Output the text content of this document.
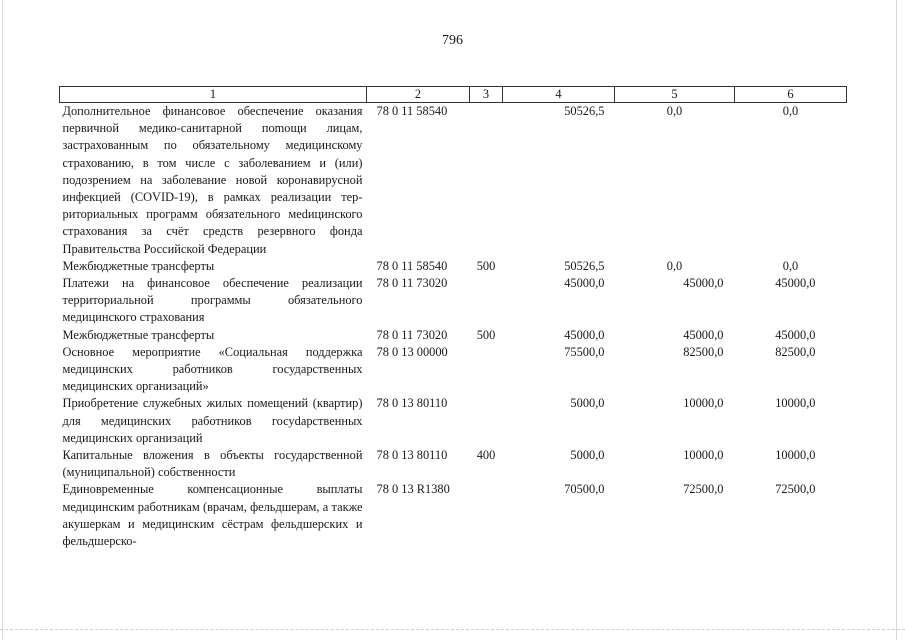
796
1	2	3	4	5	6
Дополнительное финансовое обеспечение оказания первичной медико-санитарной поmощи лицам, застрахованным по обязательному медицинскому страхованию, в том числе с заболеванием и (или) подозрением на заболевание новой коронавирусной инфекцией (COVID-19), в рамках реализации территориальных программ обязательного меdицинского страхования за счёт средств резервного фонда Правительства Российской Федерации	78 0 11 58540		50526,5	0,0	0,0
Межбюджетные трансферты	78 0 11 58540	500	50526,5	0,0	0,0
Платежи на финансовое обеспечение реализации территориальной программы обязательного медицинского страхования	78 0 11 73020		45000,0	45000,0	45000,0
Межбюджетные трансферты	78 0 11 73020	500	45000,0	45000,0	45000,0
Основное мероприятие «Социальная поддержка медицинских работников государственных медицинских организаций»	78 0 13 00000		75500,0	82500,0	82500,0
Приобретение служебных жилых помещений (квартир) для медицинских работников госуdарственных медицинских организаций	78 0 13 80110		5000,0	10000,0	10000,0
Капитальные вложения в объекты государственной (муниципальной) собственности	78 0 13 80110	400	5000,0	10000,0	10000,0
Единовременные компенсационные выплаты медицинским работникам (врачам, фельдшерам, а также акушеркам и медицинским сёстрам фельдшерских и фельдшерско-	78 0 13 R1380		70500,0	72500,0	72500,0
